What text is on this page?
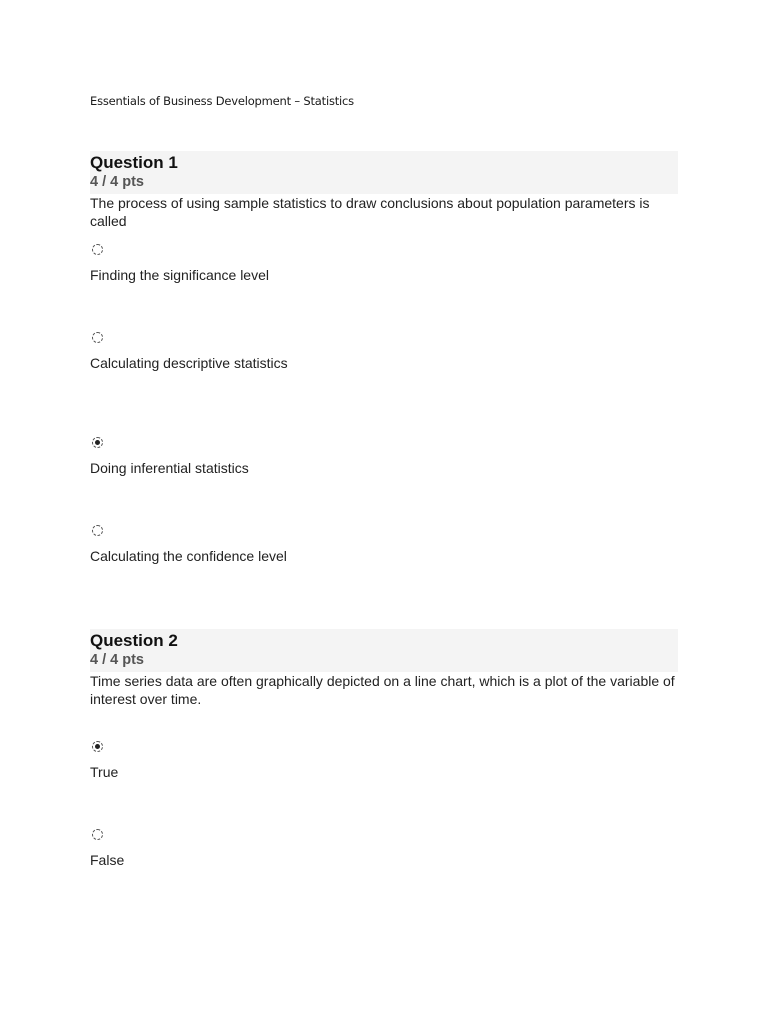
Essentials of Business Development – Statistics
Question 1
4 / 4 pts
The process of using sample statistics to draw conclusions about population parameters is called
Finding the significance level
Calculating descriptive statistics
Doing inferential statistics
Calculating the confidence level
Question 2
4 / 4 pts
Time series data are often graphically depicted on a line chart, which is a plot of the variable of interest over time.
True
False
